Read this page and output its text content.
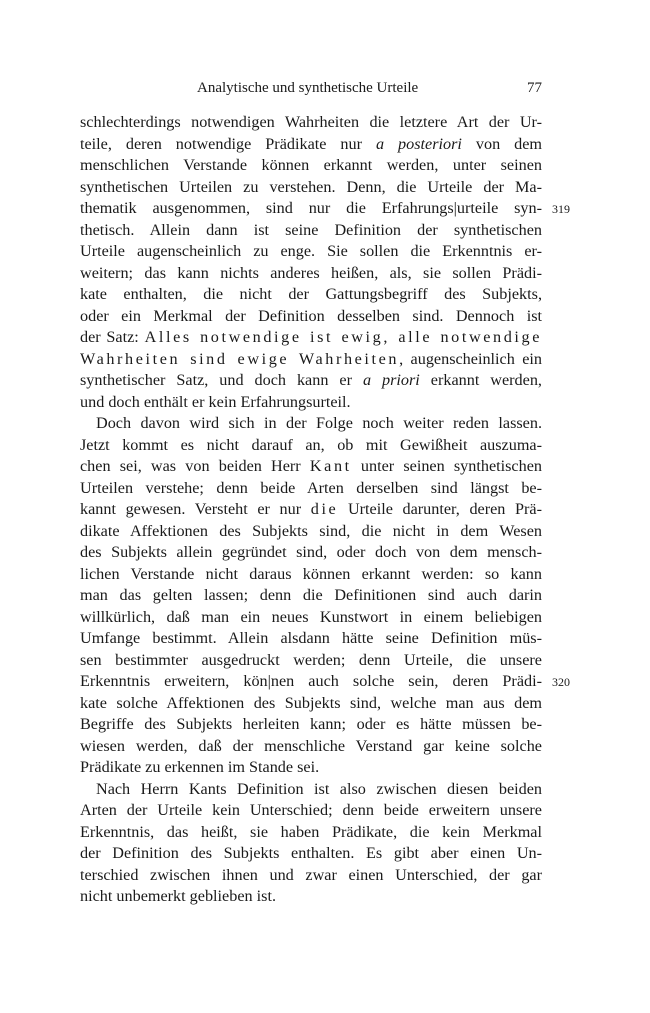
Analytische und synthetische Urteile	77
schlechterdings notwendigen Wahrheiten die letztere Art der Ur-
teile, deren notwendige Prädikate nur a posteriori von dem
menschlichen Verstande können erkannt werden, unter seinen
synthetischen Urteilen zu verstehen. Denn, die Urteile der Ma-
thematik ausgenommen, sind nur die Erfahrungs|urteile syn- 319
thetisch. Allein dann ist seine Definition der synthetischen
Urteile augenscheinlich zu enge. Sie sollen die Erkenntnis er-
weitern; das kann nichts anderes heißen, als, sie sollen Prädi-
kate enthalten, die nicht der Gattungsbegriff des Subjekts,
oder ein Merkmal der Definition desselben sind. Dennoch ist
der Satz: Alles notwendige ist ewig, alle notwendige
Wahrheiten sind ewige Wahrheiten, augenscheinlich ein
synthetischer Satz, und doch kann er a priori erkannt werden,
und doch enthält er kein Erfahrungsurteil.
Doch davon wird sich in der Folge noch weiter reden lassen.
Jetzt kommt es nicht darauf an, ob mit Gewißheit auszuma-
chen sei, was von beiden Herr Kant unter seinen synthetischen
Urteilen verstehe; denn beide Arten derselben sind längst be-
kannt gewesen. Versteht er nur die Urteile darunter, deren Prä-
dikate Affektionen des Subjekts sind, die nicht in dem Wesen
des Subjekts allein gegründet sind, oder doch von dem mensch-
lichen Verstande nicht daraus können erkannt werden: so kann
man das gelten lassen; denn die Definitionen sind auch darin
willkürlich, daß man ein neues Kunstwort in einem beliebigen
Umfange bestimmt. Allein alsdann hätte seine Definition müs-
sen bestimmter ausgedruckt werden; denn Urteile, die unsere
Erkenntnis erweitern, kön|nen auch solche sein, deren Prädi- 320
kate solche Affektionen des Subjekts sind, welche man aus dem
Begriffe des Subjekts herleiten kann; oder es hätte müssen be-
wiesen werden, daß der menschliche Verstand gar keine solche
Prädikate zu erkennen im Stande sei.
Nach Herrn Kants Definition ist also zwischen diesen beiden
Arten der Urteile kein Unterschied; denn beide erweitern unsere
Erkenntnis, das heißt, sie haben Prädikate, die kein Merkmal
der Definition des Subjekts enthalten. Es gibt aber einen Un-
terschied zwischen ihnen und zwar einen Unterschied, der gar
nicht unbemerkt geblieben ist.
